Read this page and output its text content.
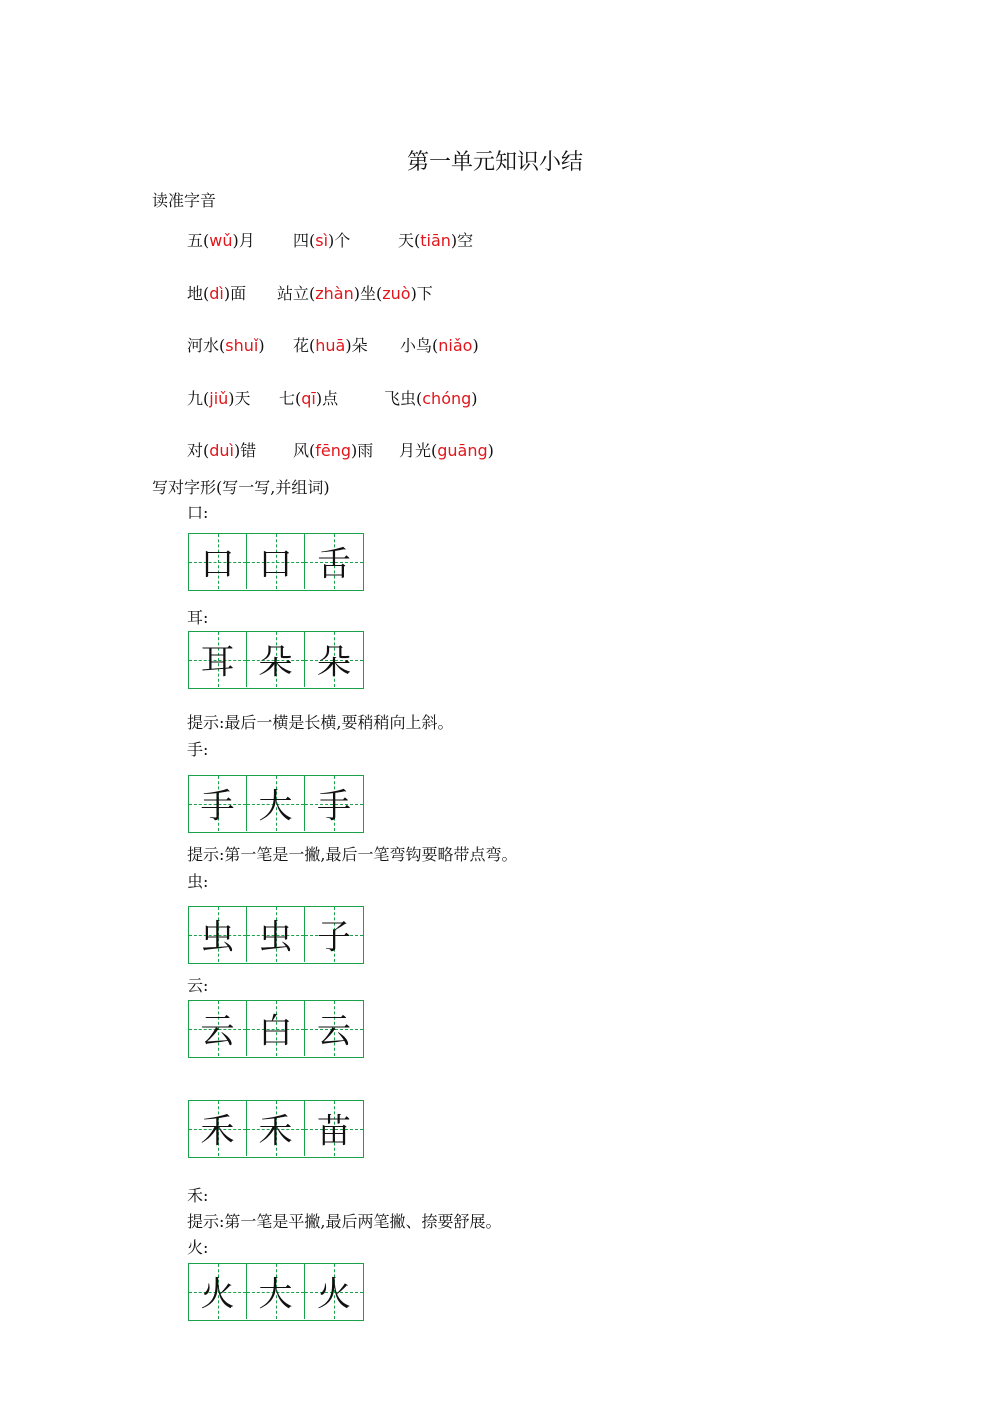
第一单元知识小结
读准字音
五(wǔ)月 四(sì)个	天(tiān)空
地(dì)面 站立(zhàn)坐(zuò)下
河水(shuǐ) 花(huā)朵 小鸟(niǎo)
九(jiǔ)天 七(qī)点	飞虫(chóng)
对(duì)错 风(fēng)雨 月光(guāng)
写对字形(写一写,并组词)
口:
口 口 舌
耳:
耳 朵 朵
提示:最后一横是长横,要稍稍向上斜。
手:
手 大 手
提示:第一笔是一撇,最后一笔弯钩要略带点弯。
虫:
虫 虫 子
云:
云 白 云
禾 禾 苗
禾:
提示:第一笔是平撇,最后两笔撇、捺要舒展。
火:
火 大 火
